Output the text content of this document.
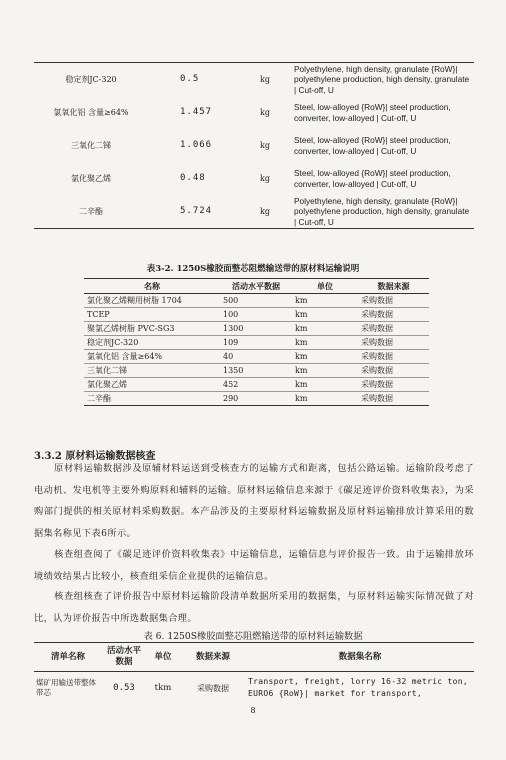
稳定剂JC-320	0.5	kg	Polyethylene, high density, granulate {RoW}| polyethylene production, high density, granulate | Cut-off, U
氯氧化铝 含量≥64%	1.457	kg	Steel, low-alloyed {RoW}| steel production, converter, low-alloyed | Cut-off, U
三氧化二锑	1.066	kg	Steel, low-alloyed {RoW}| steel production, converter, low-alloyed | Cut-off, U
氯化聚乙烯	0.48	kg	Steel, low-alloyed {RoW}| steel production, converter, low-alloyed | Cut-off, U
二辛酯	5.724	kg	Polyethylene, high density, granulate {RoW}| polyethylene production, high density, granulate | Cut-off, U
表3-2. 1250S橡胶面整芯阻燃输送带的原材料运输说明
名称	活动水平数据	单位	数据来源
氯化聚乙烯糊用树脂 1704	500	km	采购数据
TCEP	100	km	采购数据
聚氯乙烯树脂 PVC-SG3	1300	km	采购数据
稳定剂JC-320	109	km	采购数据
氯氧化铝 含量≥64%	40	km	采购数据
三氧化二锑	1350	km	采购数据
氯化聚乙烯	452	km	采购数据
二辛酯	290	km	采购数据
3.3.2 原材料运输数据核查
原材料运输数据涉及原辅材料运送到受核查方的运输方式和距离，包括公路运输。运输阶段考虑了电动机、发电机等主要外购原料和辅料的运输。原材料运输信息来源于《碳足迹评价资料收集表》，为采购部门提供的相关原材料采购数据。本产品涉及的主要原材料运输数据及原材料运输排放计算采用的数据集名称见下表6所示。
核查组查阅了《碳足迹评价资料收集表》中运输信息，运输信息与评价报告一致。由于运输排放环境绩效结果占比较小，核查组采信企业提供的运输信息。
核查组核查了评价报告中原材料运输阶段清单数据所采用的数据集，与原材料运输实际情况做了对比，认为评价报告中所选数据集合理。
表 6. 1250S橡胶面整芯阻燃输送带的原材料运输数据
清单名称	活动水平数据	单位	数据来源	数据集名称
煤矿用输送带整体带芯	0.53	tkm	采购数据	Transport, freight, lorry 16-32 metric ton, EURO6 {RoW}| market for transport,
8
